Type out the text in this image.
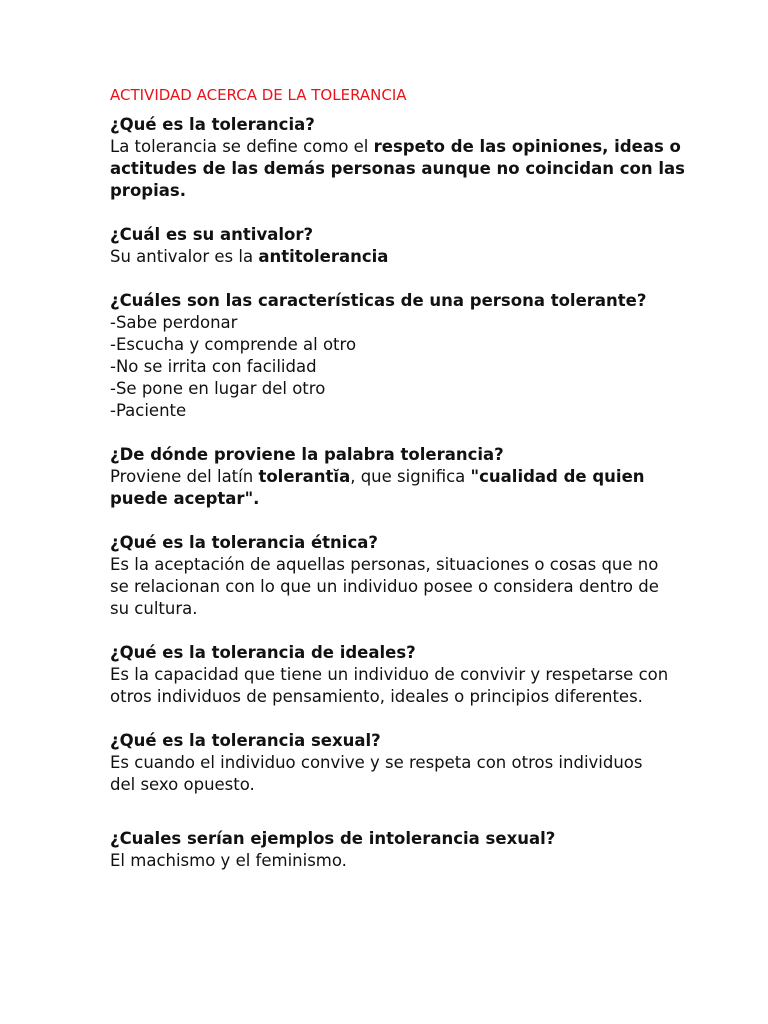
ACTIVIDAD ACERCA DE LA TOLERANCIA
¿Qué es la tolerancia?
La tolerancia se define como el respeto de las opiniones, ideas o
actitudes de las demás personas aunque no coincidan con las
propias.
¿Cuál es su antivalor?
Su antivalor es la antitolerancia
¿Cuáles son las características de una persona tolerante?
-Sabe perdonar
-Escucha y comprende al otro
-No se irrita con facilidad
-Se pone en lugar del otro
-Paciente
¿De dónde proviene la palabra tolerancia?
Proviene del latín tolerantĭa, que significa "cualidad de quien
puede aceptar".
¿Qué es la tolerancia étnica?
Es la aceptación de aquellas personas, situaciones o cosas que no
se relacionan con lo que un individuo posee o considera dentro de
su cultura.
¿Qué es la tolerancia de ideales?
Es la capacidad que tiene un individuo de convivir y respetarse con
otros individuos de pensamiento, ideales o principios diferentes.
¿Qué es la tolerancia sexual?
Es cuando el individuo convive y se respeta con otros individuos
del sexo opuesto.
¿Cuales serían ejemplos de intolerancia sexual?
El machismo y el feminismo.
